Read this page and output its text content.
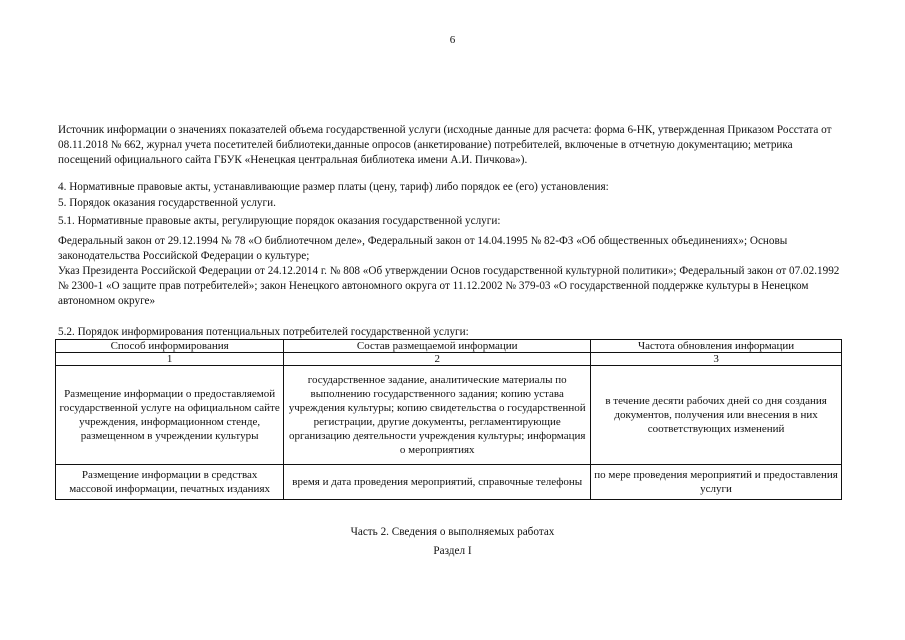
6

Источник информации о значениях показателей объема государственной услуги (исходные данные для расчета: форма 6-НК, утвержденная Приказом Росстата от 08.11.2018 № 662, журнал учета посетителей библиотеки,данные опросов (анкетирование) потребителей, включеные в отчетную документацию; метрика посещений официального сайта ГБУК «Ненецкая центральная библиотека имени А.И. Пичкова»).

4. Нормативные правовые акты, устанавливающие размер платы (цену, тариф) либо порядок ее (его) установления:

5. Порядок оказания государственной услуги.

5.1. Нормативные правовые акты, регулирующие порядок оказания государственной услуги:

Федеральный закон от 29.12.1994 № 78 «О библиотечном деле», Федеральный закон от 14.04.1995 № 82-ФЗ «Об общественных объединениях»; Основы законодательства Российской Федерации о культуре;

Указ Президента Российской Федерации от 24.12.2014 г. № 808 «Об утверждении Основ государственной культурной политики»; Федеральный закон от 07.02.1992 № 2300-1 «О защите прав потребителей»; закон Ненецкого автономного округа от 11.12.2002 № 379-03 «О государственной поддержке культуры в Ненецком автономном округе»

5.2. Порядок информирования потенциальных потребителей государственной услуги:

Способ информирования	Состав размещаемой информации	Частота обновления информации
1	2	3
Размещение информации о предоставляемой государственной услуге на официальном сайте учреждения, информационном стенде, размещенном в учреждении культуры	государственное задание, аналитические материалы по выполнению государственного задания; копию устава учреждения культуры; копию свидетельства о государственной регистрации, другие документы, регламентирующие организацию деятельности учреждения культуры; информация о мероприятиях	в течение десяти рабочих дней со дня создания документов, получения или внесения в них соответствующих изменений
Размещение информации в средствах массовой информации, печатных изданиях	время и дата проведения мероприятий, справочные телефоны	по мере проведения мероприятий и предоставления услуги
Часть 2. Сведения о выполняемых работах
Раздел I
